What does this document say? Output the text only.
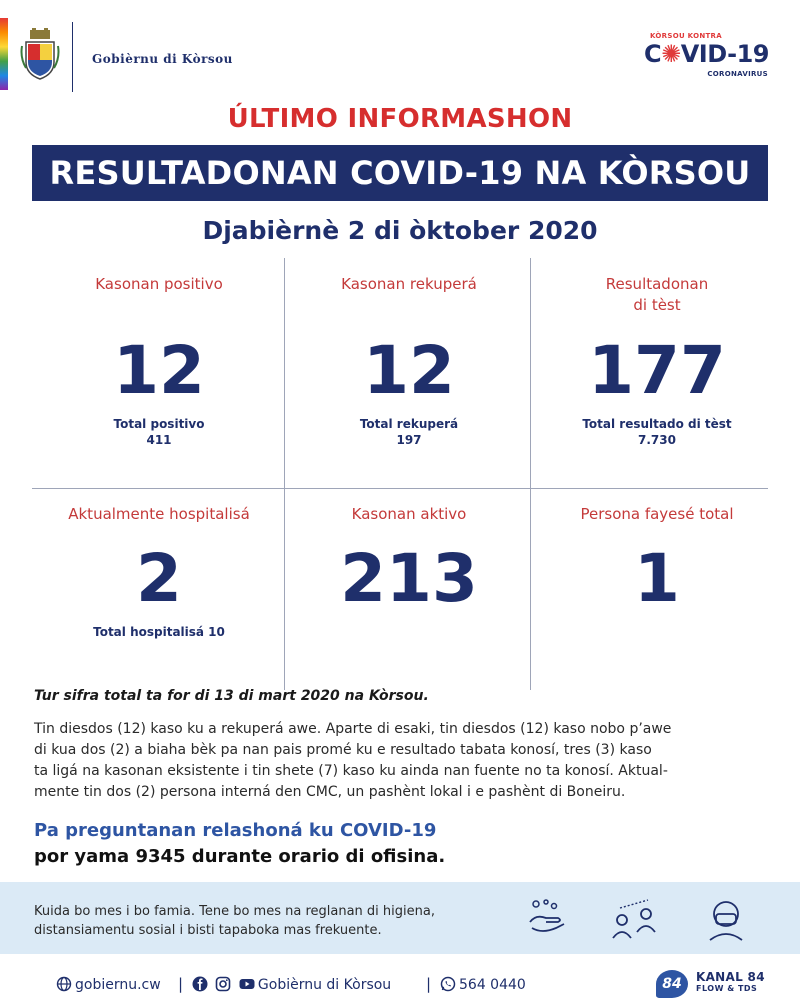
Gobièrnu di Kòrsou
KÒRSOU KONTRA
C✺VID-19
CORONAVIRUS
ÚLTIMO INFORMASHON
RESULTADONAN COVID-19 NA KÒRSOU
Djabièrnè 2 di òktober 2020
Kasonan positivo
12
Total positivo
411
Kasonan rekuperá
12
Total rekuperá
197
Resultadonan
di tèst
177
Total resultado di tèst
7.730
Aktualmente hospitalisá
2
Total hospitalisá 10
Kasonan aktivo
213
Persona fayesé total
1
Tur sifra total ta for di 13 di mart 2020 na Kòrsou.

Tin diesdos (12) kaso ku a rekuperá awe. Aparte di esaki, tin diesdos (12) kaso nobo p’awe

di kua dos (2) a biaha bèk pa nan pais promé ku e resultado tabata konosí, tres (3) kaso

ta ligá na kasonan eksistente i tin shete (7) kaso ku ainda nan fuente no ta konosí. Aktual-

mente tin dos (2) persona interná den CMC, un pashènt lokal i e pashènt di Boneiru.

Pa preguntanan relashoná ku COVID-19
por yama 9345 durante orario di ofisina.
Kuida bo mes i bo famia. Tene bo mes na reglanan di higiena,
distansiamentu sosial i bisti tapaboka mas frekuente.
gobiernu.cw |	Gobièrnu di Kòrsou |	564 0440	84	KANAL 84
FLOW & TDS
